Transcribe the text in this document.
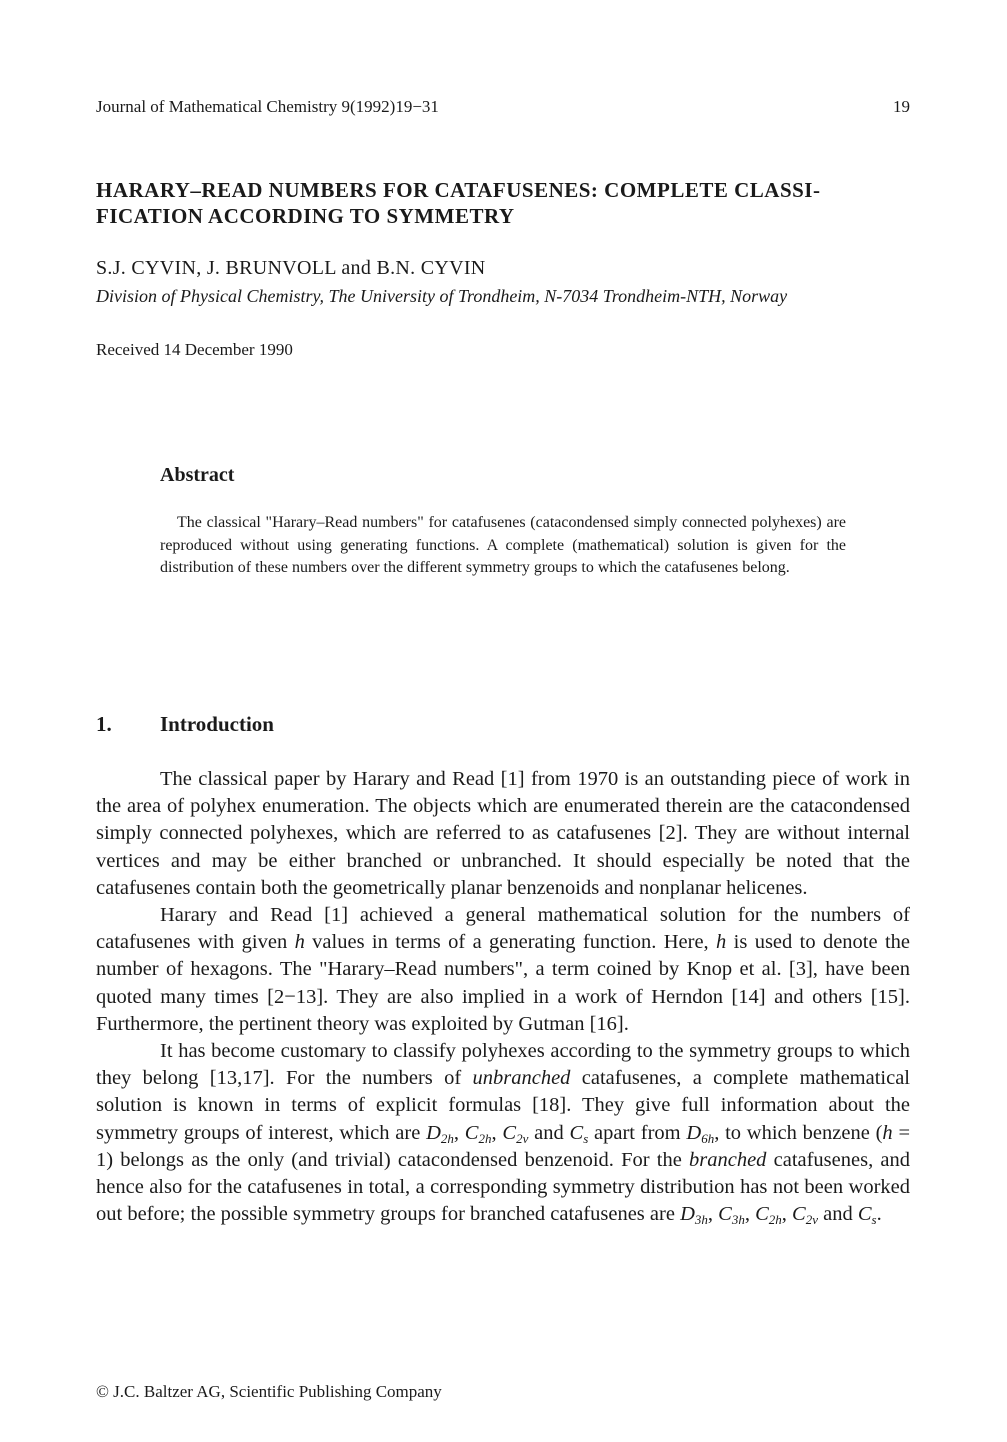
Journal of Mathematical Chemistry 9(1992)19−31	19
HARARY–READ NUMBERS FOR CATAFUSENES: COMPLETE CLASSI-FICATION ACCORDING TO SYMMETRY
S.J. CYVIN, J. BRUNVOLL and B.N. CYVIN
Division of Physical Chemistry, The University of Trondheim, N-7034 Trondheim-NTH, Norway
Received 14 December 1990
Abstract
The classical "Harary–Read numbers" for catafusenes (catacondensed simply connected polyhexes) are reproduced without using generating functions. A complete (mathematical) solution is given for the distribution of these numbers over the different symmetry groups to which the catafusenes belong.
1. Introduction

The classical paper by Harary and Read [1] from 1970 is an outstanding piece of work in the area of polyhex enumeration. The objects which are enumerated therein are the catacondensed simply connected polyhexes, which are referred to as catafusenes [2]. They are without internal vertices and may be either branched or unbranched. It should especially be noted that the catafusenes contain both the geometrically planar benzenoids and nonplanar helicenes.

Harary and Read [1] achieved a general mathematical solution for the numbers of catafusenes with given h values in terms of a generating function. Here, h is used to denote the number of hexagons. The "Harary–Read numbers", a term coined by Knop et al. [3], have been quoted many times [2−13]. They are also implied in a work of Herndon [14] and others [15]. Furthermore, the pertinent theory was exploited by Gutman [16].

It has become customary to classify polyhexes according to the symmetry groups to which they belong [13,17]. For the numbers of unbranched catafusenes, a complete mathematical solution is known in terms of explicit formulas [18]. They give full information about the symmetry groups of interest, which are $D_{2h}$, $C_{2h}$, $C_{2v}$ and $C_s$ apart from $D_{6h}$, to which benzene (h = 1) belongs as the only (and trivial) catacondensed benzenoid. For the branched catafusenes, and hence also for the catafusenes in total, a corresponding symmetry distribution has not been worked out before; the possible symmetry groups for branched catafusenes are $D_{3h}$, $C_{3h}$, $C_{2h}$, $C_{2v}$ and $C_s$.

© J.C. Baltzer AG, Scientific Publishing Company
